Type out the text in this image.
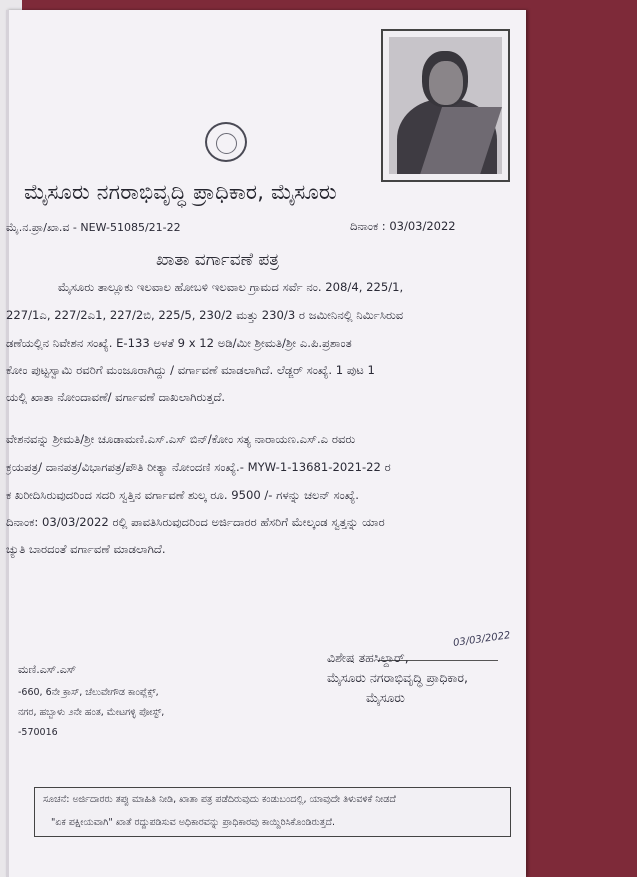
ಮೈಸೂರು ನಗರಾಭಿವೃದ್ಧಿ ಪ್ರಾಧಿಕಾರ, ಮೈಸೂರು
ಮೈ.ನ.ಪ್ರಾ/ಖಾ.ವ - NEW-51085/21-22	ದಿನಾಂಕ : 03/03/2022
ಖಾತಾ ವರ್ಗಾವಣೆ ಪತ್ರ
ಮೈಸೂರು ತಾಲ್ಲೂಕು ಇಲವಾಲ ಹೋಬಳಿ ಇಲವಾಲ ಗ್ರಾಮದ ಸರ್ವೆ ನಂ. 208/4, 225/1,
227/1ಎ, 227/2ಎ1, 227/2ಬಿ, 225/5, 230/2 ಮತ್ತು 230/3 ರ ಜಮೀನಿನಲ್ಲಿ ನಿರ್ಮಿಸಿರುವ
ಡಣೆಯಲ್ಲಿನ ನಿವೇಶನ ಸಂಖ್ಯೆ. E-133 ಅಳತೆ 9 x 12 ಅಡಿ/ಮೀ ಶ್ರೀಮತಿ/ಶ್ರೀ ಎ.ಪಿ.ಪ್ರಶಾಂತ
ಕೋಂ ಪುಟ್ಟಸ್ವಾಮಿ ರವರಿಗೆ ಮಂಜೂರಾಗಿದ್ದು / ವರ್ಗಾವಣೆ ಮಾಡಲಾಗಿದೆ. ಲೆಡ್ಜರ್ ಸಂಖ್ಯೆ. 1 ಪುಟ 1
ಯಲ್ಲಿ ಖಾತಾ ನೋಂದಾವಣೆ/ ವರ್ಗಾವಣೆ ದಾಖಲಾಗಿರುತ್ತದೆ.
ವೇಶನವನ್ನು ಶ್ರೀಮತಿ/ಶ್ರೀ ಚೂಡಾಮಣಿ.ಎಸ್.ಎಸ್ ಬಿನ್/ಕೋಂ ಸತ್ಯ ನಾರಾಯಣ.ಎಸ್.ಎ ರವರು
ಕ್ರಯಪತ್ರ/ ದಾನಪತ್ರ/ವಿಭಾಗಪತ್ರ/ಪೌತಿ ರೀತ್ಯಾ ನೋಂದಣಿ ಸಂಖ್ಯೆ.- MYW-1-13681-2021-22 ರ
ಕ ಖರೀದಿಸಿರುವುದರಿಂದ ಸದರಿ ಸ್ವತ್ತಿನ ವರ್ಗಾವಣೆ ಶುಲ್ಕ ರೂ. 9500 /- ಗಳನ್ನು ಚಲನ್ ಸಂಖ್ಯೆ.
ದಿನಾಂಕ: 03/03/2022 ರಲ್ಲಿ ಪಾವತಿಸಿರುವುದರಿಂದ ಅರ್ಜಿದಾರರ ಹೆಸರಿಗೆ ಮೇಲ್ಕಂಡ ಸ್ವತ್ತನ್ನು ಯಾರ
ಚ್ಯುತಿ ಬಾರದಂತೆ ವರ್ಗಾವಣೆ ಮಾಡಲಾಗಿದೆ.
03/03/2022
ವಿಶೇಷ ತಹಸಿಲ್ದಾರ್,
ಮೈಸೂರು ನಗರಾಭಿವೃದ್ಧಿ ಪ್ರಾಧಿಕಾರ,
ಮೈಸೂರು
ಮಣಿ.ಎಸ್.ಎಸ್
-660, 6ನೇ ಕ್ರಾಸ್, ಚೆಲುವೇಗೌಡ ಕಾಂಪ್ಲೆಕ್ಸ್,
ನಗರ, ಹಬ್ಬಾಳು ೨ನೇ ಹಂತ, ಮೇಟಗಳ್ಳಿ ಪೋಸ್ಟ್,
-570016
ಸೂಚನೆ: ಅರ್ಜಿದಾರರು ತಪ್ಪು ಮಾಹಿತಿ ನೀಡಿ, ಖಾತಾ ಪತ್ರ ಪಡೆದಿರುವುದು ಕಂಡುಬಂದಲ್ಲಿ, ಯಾವುದೇ ತಿಳುವಳಿಕೆ ನೀಡದೆ
"ಏಕ ಪಕ್ಷೀಯವಾಗಿ" ಖಾತೆ ರದ್ದುಪಡಿಸುವ ಅಧಿಕಾರವನ್ನು ಪ್ರಾಧಿಕಾರವು ಕಾಯ್ದಿರಿಸಿಕೊಂಡಿರುತ್ತದೆ.
